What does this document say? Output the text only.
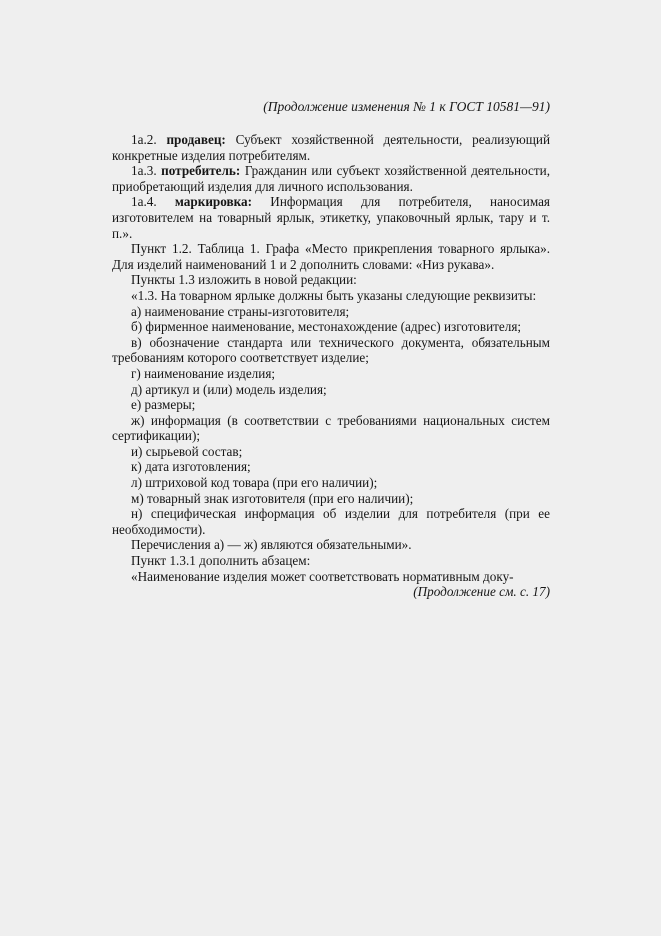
(Продолжение изменения № 1 к ГОСТ 10581—91)

1а.2. продавец: Субъект хозяйственной деятельности, реализующий конкретные изделия потребителям.

1а.3. потребитель: Гражданин или субъект хозяйственной деятельности, приобретающий изделия для личного использования.

1а.4. маркировка: Информация для потребителя, наносимая изготовителем на товарный ярлык, этикетку, упаковочный ярлык, тару и т. п.».

Пункт 1.2. Таблица 1. Графа «Место прикрепления товарного ярлыка». Для изделий наименований 1 и 2 дополнить словами: «Низ рукава».

Пункты 1.3 изложить в новой редакции:

«1.3. На товарном ярлыке должны быть указаны следующие реквизиты:

а) наименование страны-изготовителя;

б) фирменное наименование, местонахождение (адрес) изготовителя;

в) обозначение стандарта или технического документа, обязательным требованиям которого соответствует изделие;

г) наименование изделия;

д) артикул и (или) модель изделия;

е) размеры;

ж) информация (в соответствии с требованиями национальных систем сертификации);

и) сырьевой состав;

к) дата изготовления;

л) штриховой код товара (при его наличии);

м) товарный знак изготовителя (при его наличии);

н) специфическая информация об изделии для потребителя (при ее необходимости).

Перечисления а) — ж) являются обязательными».

Пункт 1.3.1 дополнить абзацем:

«Наименование изделия может соответствовать нормативным доку-

(Продолжение см. с. 17)
